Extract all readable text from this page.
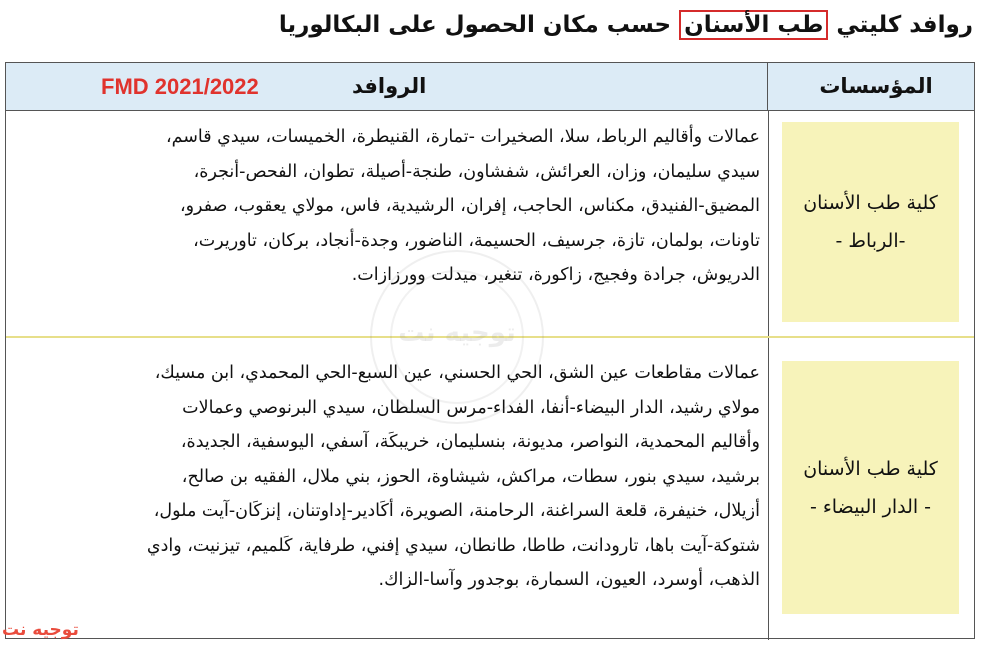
روافد كليتي طب الأسنان حسب مكان الحصول على البكالوريا
FMD 2021/2022	الروافد	المؤسسات
عمالات وأقاليم الرباط، سلا، الصخيرات -تمارة، القنيطرة، الخميسات، سيدي قاسم،
سيدي سليمان، وزان، العرائش، شفشاون، طنجة-أصيلة، تطوان، الفحص-أنجرة،
المضيق-الفنيدق، مكناس، الحاجب، إفران، الرشيدية، فاس، مولاي يعقوب، صفرو،
تاونات، بولمان، تازة، جرسيف، الحسيمة، الناضور، وجدة-أنجاد، بركان، تاوريرت،
الدريوش، جرادة وفجيج، زاكورة، تنغير، ميدلت وورزازات.
كلية طب الأسنان
-الرباط -
عمالات مقاطعات عين الشق، الحي الحسني، عين السبع-الحي المحمدي، ابن مسيك،
مولاي رشيد، الدار البيضاء-أنفا، الفداء-مرس السلطان، سيدي البرنوصي وعمالات
وأقاليم المحمدية، النواصر، مديونة، بنسليمان، خريبكَة، آسفي، اليوسفية، الجديدة،
برشيد، سيدي بنور، سطات، مراكش، شيشاوة، الحوز، بني ملال، الفقيه بن صالح،
أزيلال، خنيفرة، قلعة السراغنة، الرحامنة، الصويرة، أكَادير-إداوتنان، إنزكَان-آيت ملول،
شتوكة-آيت باها، تارودانت، طاطا، طانطان، سيدي إفني، طرفاية، كَلميم، تيزنيت، وادي
الذهب، أوسرد، العيون، السمارة، بوجدور وآسا-الزاك.
كلية طب الأسنان
- الدار البيضاء -
توجيه نت
توجيه نت
